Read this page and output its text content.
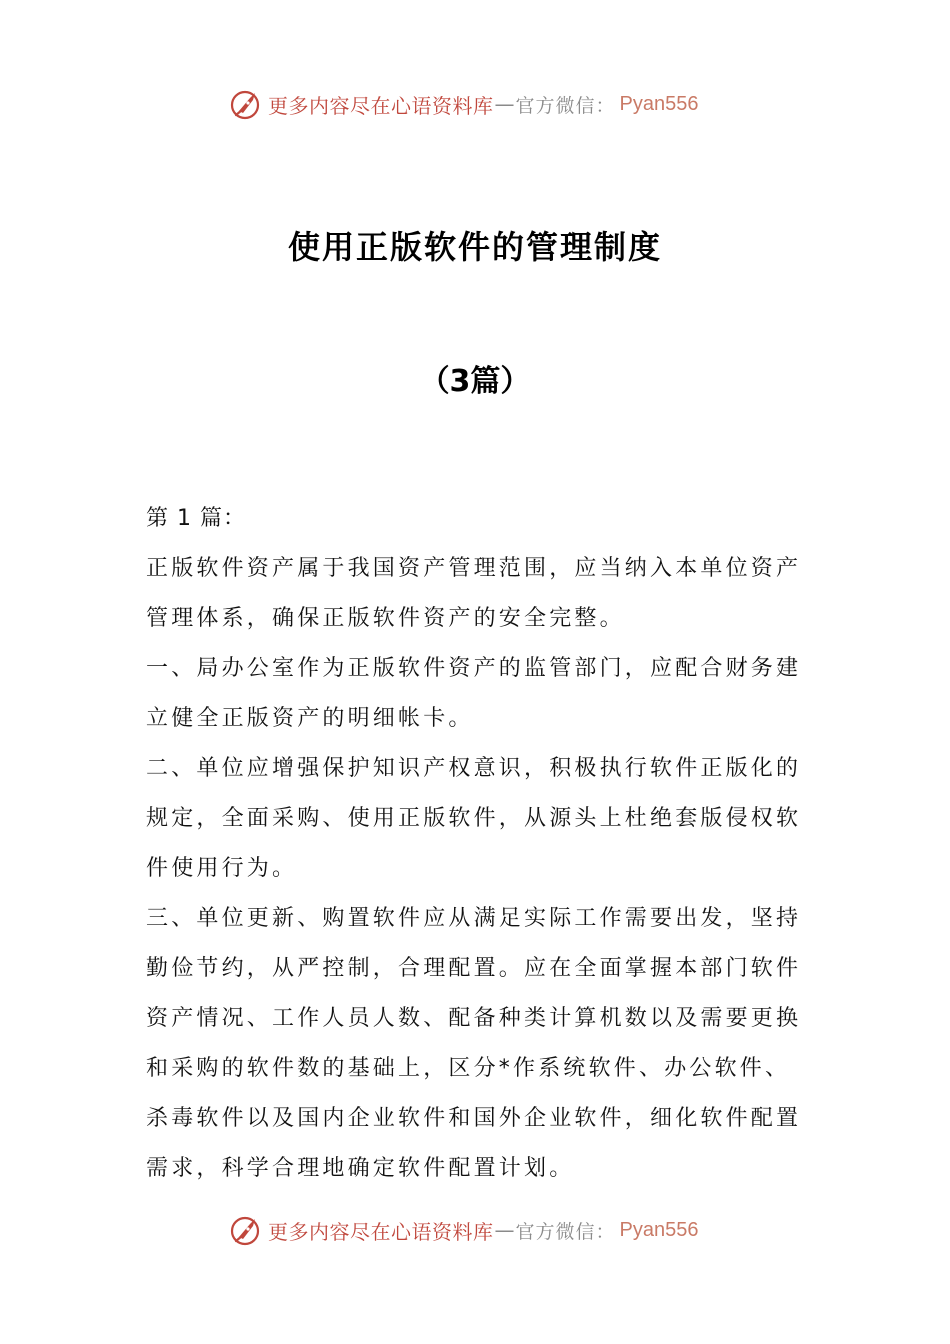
更多内容尽在心语资料库 — 官方微信： Pyan556
使用正版软件的管理制度
（3篇）

第 1 篇：

正版软件资产属于我国资产管理范围，应当纳入本单位资产管理体系，确保正版软件资产的安全完整。

一、局办公室作为正版软件资产的监管部门，应配合财务建立健全正版资产的明细帐卡。

二、单位应增强保护知识产权意识，积极执行软件正版化的规定，全面采购、使用正版软件，从源头上杜绝套版侵权软件使用行为。

三、单位更新、购置软件应从满足实际工作需要出发，坚持勤俭节约，从严控制，合理配置。应在全面掌握本部门软件资产情况、工作人员人数、配备种类计算机数以及需要更换和采购的软件数的基础上，区分*作系统软件、办公软件、杀毒软件以及国内企业软件和国外企业软件，细化软件配置需求，科学合理地确定软件配置计划。

更多内容尽在心语资料库 — 官方微信： Pyan556
